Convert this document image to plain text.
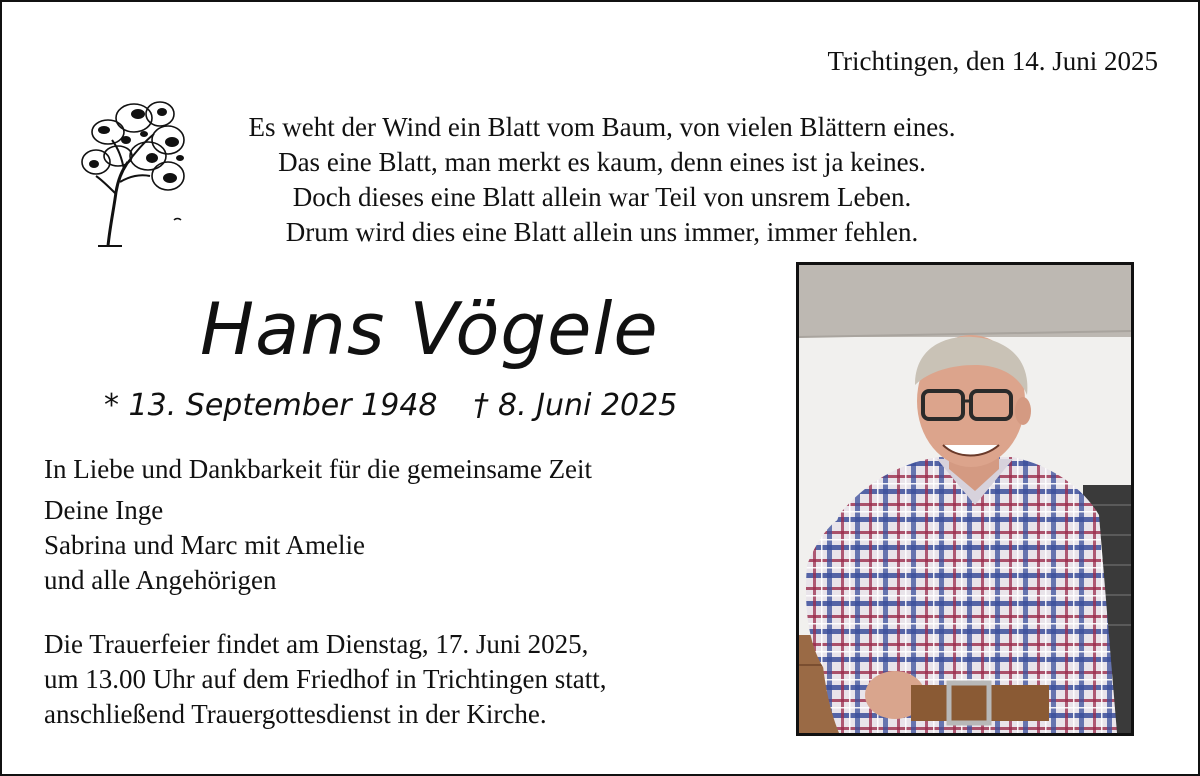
Trichtingen, den 14. Juni 2025
Es weht der Wind ein Blatt vom Baum, von vielen Blättern eines.
Das eine Blatt, man merkt es kaum, denn eines ist ja keines.
Doch dieses eine Blatt allein war Teil von unsrem Leben.
Drum wird dies eine Blatt allein uns immer, immer fehlen.
Hans Vögele
* 13. September 1948 † 8. Juni 2025
In Liebe und Dankbarkeit für die gemeinsame Zeit
Deine Inge
Sabrina und Marc mit Amelie
und alle Angehörigen
Die Trauerfeier findet am Dienstag, 17. Juni 2025,
um 13.00 Uhr auf dem Friedhof in Trichtingen statt,
anschließend Trauergottesdienst in der Kirche.
